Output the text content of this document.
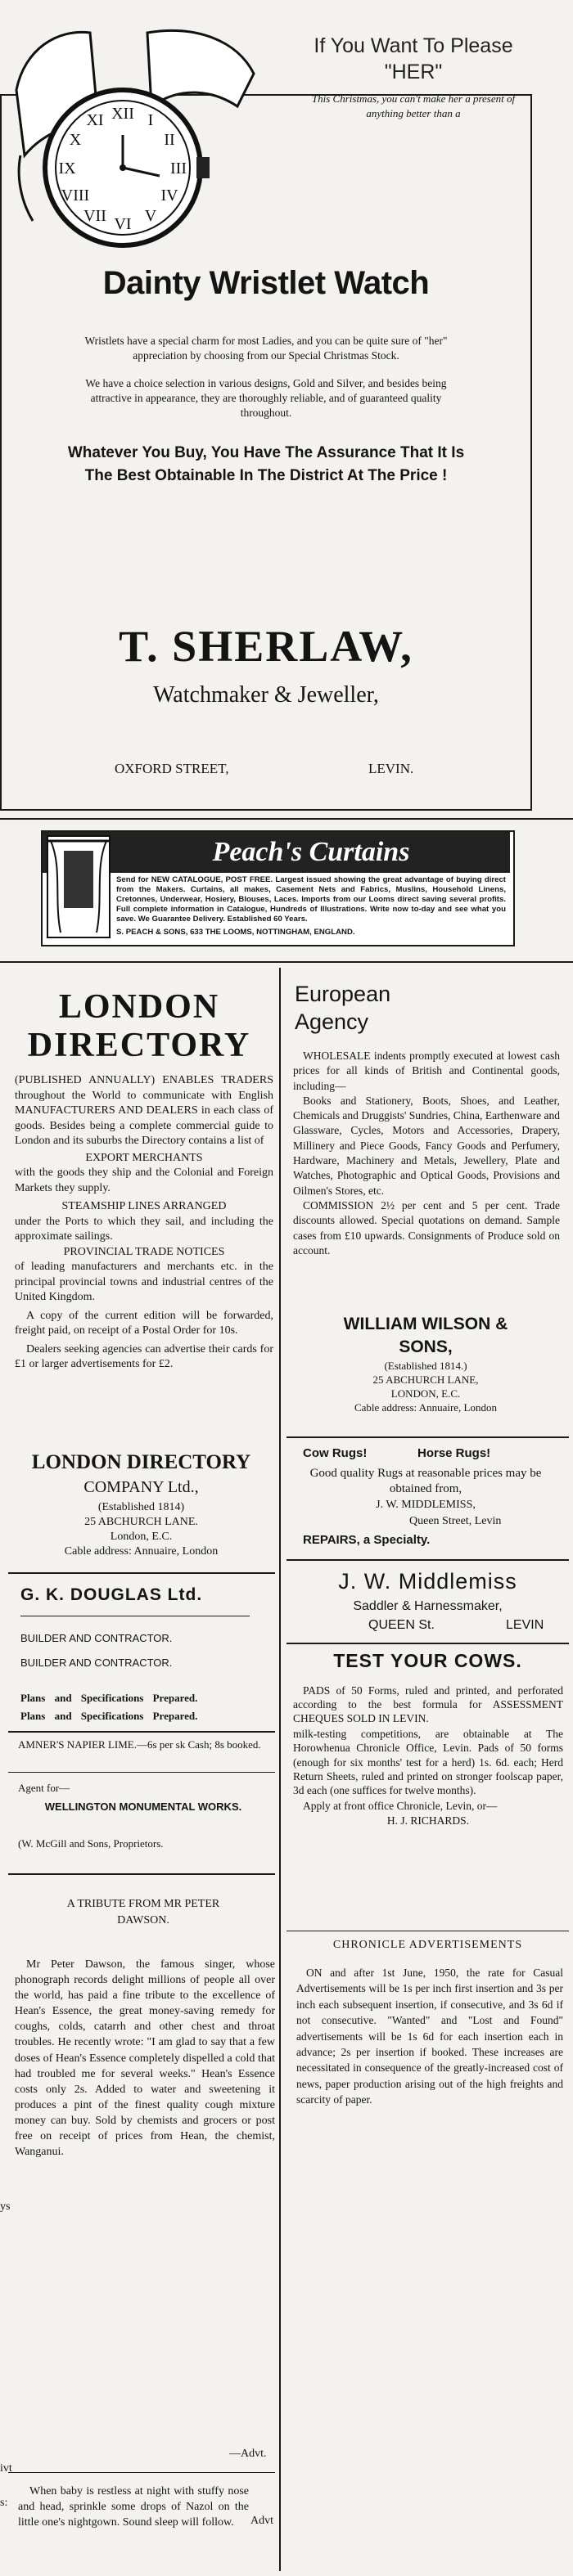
XII I
II
III
IV
V
VI
VII
VIII
IX
X
XI

If You Want To Please "HER"

This Christmas, you can't make her a present of anything better than a

Dainty Wristlet Watch

Wristlets have a special charm for most Ladies, and you can be quite sure of "her" appreciation by choosing from our Special Christmas Stock.

We have a choice selection in various designs, Gold and Silver, and besides being attractive in appearance, they are thoroughly reliable, and of guaranteed quality throughout.

Whatever You Buy, You Have The Assurance That It Is The Best Obtainable In The District At The Price !

T. SHERLAW,

Watchmaker & Jeweller,

OXFORD STREET,	LEVIN.

Peach's Curtains

Send for NEW CATALOGUE, POST FREE. Largest issued showing the great advantage of buying direct from the Makers. Curtains, all makes, Casement Nets and Fabrics, Muslins, Household Linens, Cretonnes, Underwear, Hosiery, Blouses, Laces. Imports from our Looms direct saving several profits. Full complete information in Catalogue, Hundreds of Illustrations. Write now to-day and see what you save. We Guarantee Delivery. Established 60 Years.

S. PEACH & SONS, 633 THE LOOMS, NOTTINGHAM, ENGLAND.

LONDON

DIRECTORY

(PUBLISHED ANNUALLY) ENABLES TRADERS throughout the World to communicate with English MANUFACTURERS AND DEALERS in each class of goods. Besides being a complete commercial guide to London and its suburbs the Directory contains a list of

EXPORT MERCHANTS

with the goods they ship and the Colonial and Foreign Markets they supply.

STEAMSHIP LINES ARRANGED

under the Ports to which they sail, and including the approximate sailings.

PROVINCIAL TRADE NOTICES

of leading manufacturers and merchants etc. in the principal provincial towns and industrial centres of the United Kingdom.

A copy of the current edition will be forwarded, freight paid, on receipt of a Postal Order for 10s.

Dealers seeking agencies can advertise their cards for £1 or larger advertisements for £2.

LONDON DIRECTORY

COMPANY Ltd.,

(Established 1814)

25 ABCHURCH LANE.

London, E.C.

Cable address: Annuaire, London

G. K. DOUGLAS Ltd.

BUILDER AND CONTRACTOR.

BUILDER AND CONTRACTOR.

Plans and Specifications Prepared.

Plans and Specifications Prepared.

AMNER'S NAPIER LIME.—6s per sk Cash; 8s booked.

Agent for—

WELLINGTON MONUMENTAL WORKS.

(W. McGill and Sons, Proprietors.

A TRIBUTE FROM MR PETER DAWSON.

Mr Peter Dawson, the famous singer, whose phonograph records delight millions of people all over the world, has paid a fine tribute to the excellence of Hean's Essence, the great money-saving remedy for coughs, colds, catarrh and other chest and throat troubles. He recently wrote: "I am glad to say that a few doses of Hean's Essence completely dispelled a cold that had troubled me for several weeks." Hean's Essence costs only 2s. Added to water and sweetening it produces a pint of the finest quality cough mixture money can buy. Sold by chemists and grocers or post free on receipt of prices from Hean, the chemist, Wanganui.

—Advt.

When baby is restless at night with stuffy nose and head, sprinkle some drops of Nazol on the little one's nightgown. Sound sleep will follow.	Advt

ys

ivt

s:

European

Agency

WHOLESALE indents promptly executed at lowest cash prices for all kinds of British and Continental goods, including—

Books and Stationery, Boots, Shoes, and Leather, Chemicals and Druggists' Sundries, China, Earthenware and Glassware, Cycles, Motors and Accessories, Drapery, Millinery and Piece Goods, Fancy Goods and Perfumery, Hardware, Machinery and Metals, Jewellery, Plate and Watches, Photographic and Optical Goods, Provisions and Oilmen's Stores, etc.

COMMISSION 2½ per cent and 5 per cent. Trade discounts allowed. Special quotations on demand. Sample cases from £10 upwards. Consignments of Produce sold on account.

WILLIAM WILSON &

SONS,

(Established 1814.)

25 ABCHURCH LANE,

LONDON, E.C.

Cable address: Annuaire, London

Cow Rugs!	Horse Rugs!

Good quality Rugs at reasonable prices may be obtained from,

J. W. MIDDLEMISS,

Queen Street, Levin

REPAIRS, a Specialty.

J. W. Middlemiss

Saddler & Harnessmaker,

QUEEN St.	LEVIN

TEST YOUR COWS.

PADS of 50 Forms, ruled and printed, and perforated according to the best formula for ASSESSMENT CHEQUES SOLD IN LEVIN.

milk-testing competitions, are obtainable at The Horowhenua Chronicle Office, Levin. Pads of 50 forms (enough for six months' test for a herd) 1s. 6d. each; Herd Return Sheets, ruled and printed on stronger foolscap paper, 3d each (one suffices for twelve months).

Apply at front office Chronicle, Levin, or—

H. J. RICHARDS.

CHRONICLE ADVERTISEMENTS

ON and after 1st June, 1950, the rate for Casual Advertisements will be 1s per inch first insertion and 3s per inch each subsequent insertion, if consecutive, and 3s 6d if not consecutive. "Wanted" and "Lost and Found" advertisements will be 1s 6d for each insertion each in advance; 2s per insertion if booked. These increases are necessitated in consequence of the greatly-increased cost of news, paper production arising out of the high freights and scarcity of paper.
